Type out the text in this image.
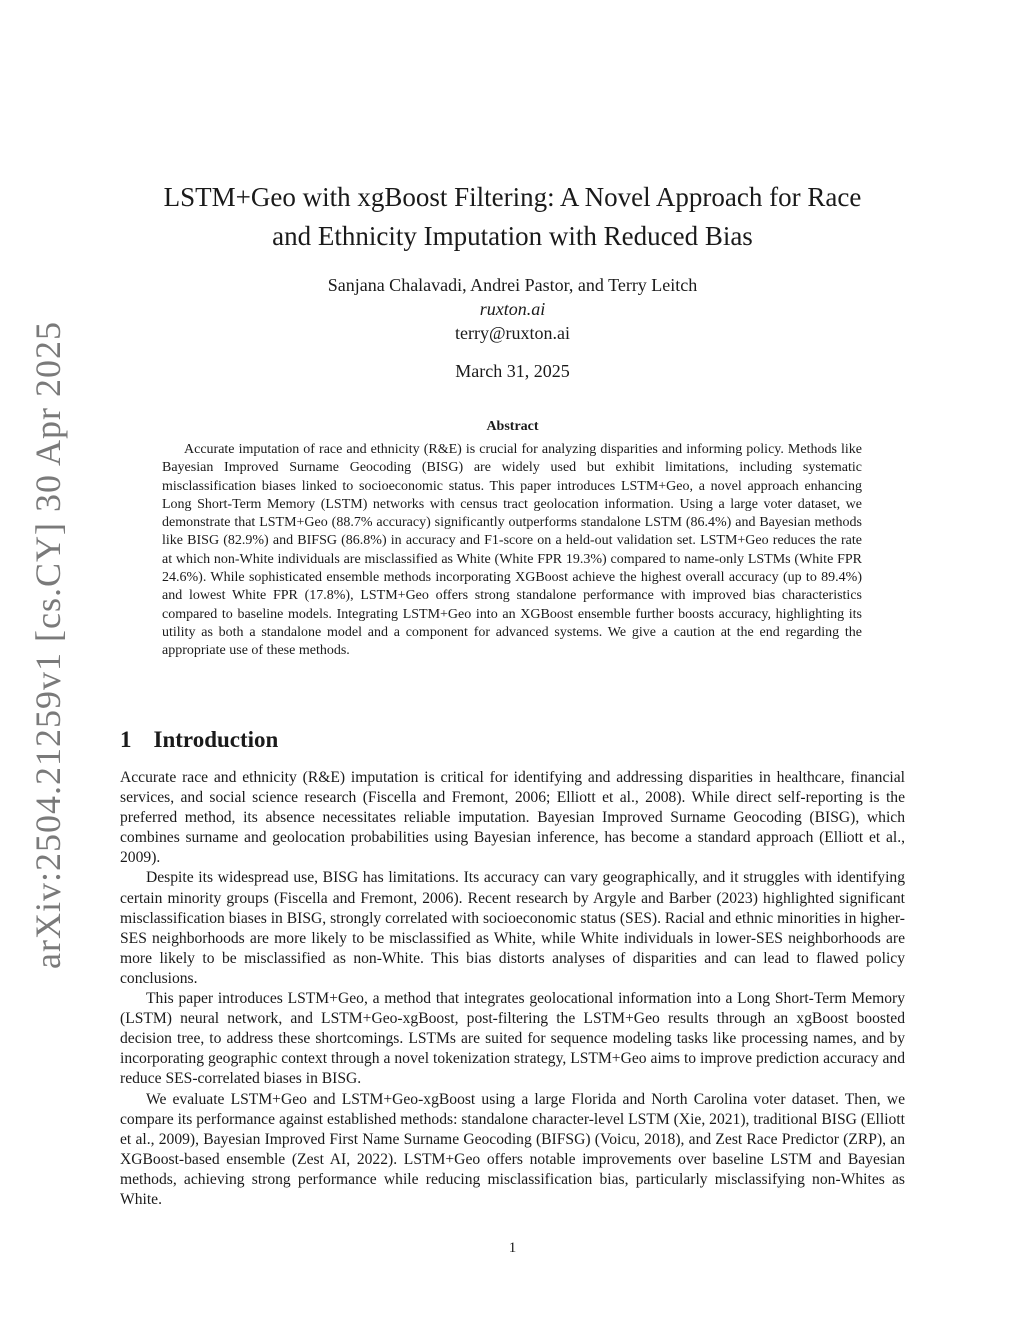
arXiv:2504.21259v1 [cs.CY] 30 Apr 2025
LSTM+Geo with xgBoost Filtering: A Novel Approach for Race
and Ethnicity Imputation with Reduced Bias
Sanjana Chalavadi, Andrei Pastor, and Terry Leitch
ruxton.ai
terry@ruxton.ai
March 31, 2025
Abstract

Accurate imputation of race and ethnicity (R&E) is crucial for analyzing disparities and informing policy. Methods like Bayesian Improved Surname Geocoding (BISG) are widely used but exhibit limitations, including systematic misclassification biases linked to socioeconomic status. This paper introduces LSTM+Geo, a novel approach enhancing Long Short-Term Memory (LSTM) networks with census tract geolocation information. Using a large voter dataset, we demonstrate that LSTM+Geo (88.7% accuracy) significantly outperforms standalone LSTM (86.4%) and Bayesian methods like BISG (82.9%) and BIFSG (86.8%) in accuracy and F1-score on a held-out validation set. LSTM+Geo reduces the rate at which non-White individuals are misclassified as White (White FPR 19.3%) compared to name-only LSTMs (White FPR 24.6%). While sophisticated ensemble methods incorporating XGBoost achieve the highest overall accuracy (up to 89.4%) and lowest White FPR (17.8%), LSTM+Geo offers strong standalone performance with improved bias characteristics compared to baseline models. Integrating LSTM+Geo into an XGBoost ensemble further boosts accuracy, highlighting its utility as both a standalone model and a component for advanced systems. We give a caution at the end regarding the appropriate use of these methods.

1 Introduction

Accurate race and ethnicity (R&E) imputation is critical for identifying and addressing disparities in healthcare, financial services, and social science research (Fiscella and Fremont, 2006; Elliott et al., 2008). While direct self-reporting is the preferred method, its absence necessitates reliable imputation. Bayesian Improved Surname Geocoding (BISG), which combines surname and geolocation probabilities using Bayesian inference, has become a standard approach (Elliott et al., 2009).

Despite its widespread use, BISG has limitations. Its accuracy can vary geographically, and it struggles with identifying certain minority groups (Fiscella and Fremont, 2006). Recent research by Argyle and Barber (2023) highlighted significant misclassification biases in BISG, strongly correlated with socioeconomic status (SES). Racial and ethnic minorities in higher-SES neighborhoods are more likely to be misclassified as White, while White individuals in lower-SES neighborhoods are more likely to be misclassified as non-White. This bias distorts analyses of disparities and can lead to flawed policy conclusions.

This paper introduces LSTM+Geo, a method that integrates geolocational information into a Long Short-Term Memory (LSTM) neural network, and LSTM+Geo-xgBoost, post-filtering the LSTM+Geo results through an xgBoost boosted decision tree, to address these shortcomings. LSTMs are suited for sequence modeling tasks like processing names, and by incorporating geographic context through a novel tokenization strategy, LSTM+Geo aims to improve prediction accuracy and reduce SES-correlated biases in BISG.

We evaluate LSTM+Geo and LSTM+Geo-xgBoost using a large Florida and North Carolina voter dataset. Then, we compare its performance against established methods: standalone character-level LSTM (Xie, 2021), traditional BISG (Elliott et al., 2009), Bayesian Improved First Name Surname Geocoding (BIFSG) (Voicu, 2018), and Zest Race Predictor (ZRP), an XGBoost-based ensemble (Zest AI, 2022). LSTM+Geo offers notable improvements over baseline LSTM and Bayesian methods, achieving strong performance while reducing misclassification bias, particularly misclassifying non-Whites as White.

1
